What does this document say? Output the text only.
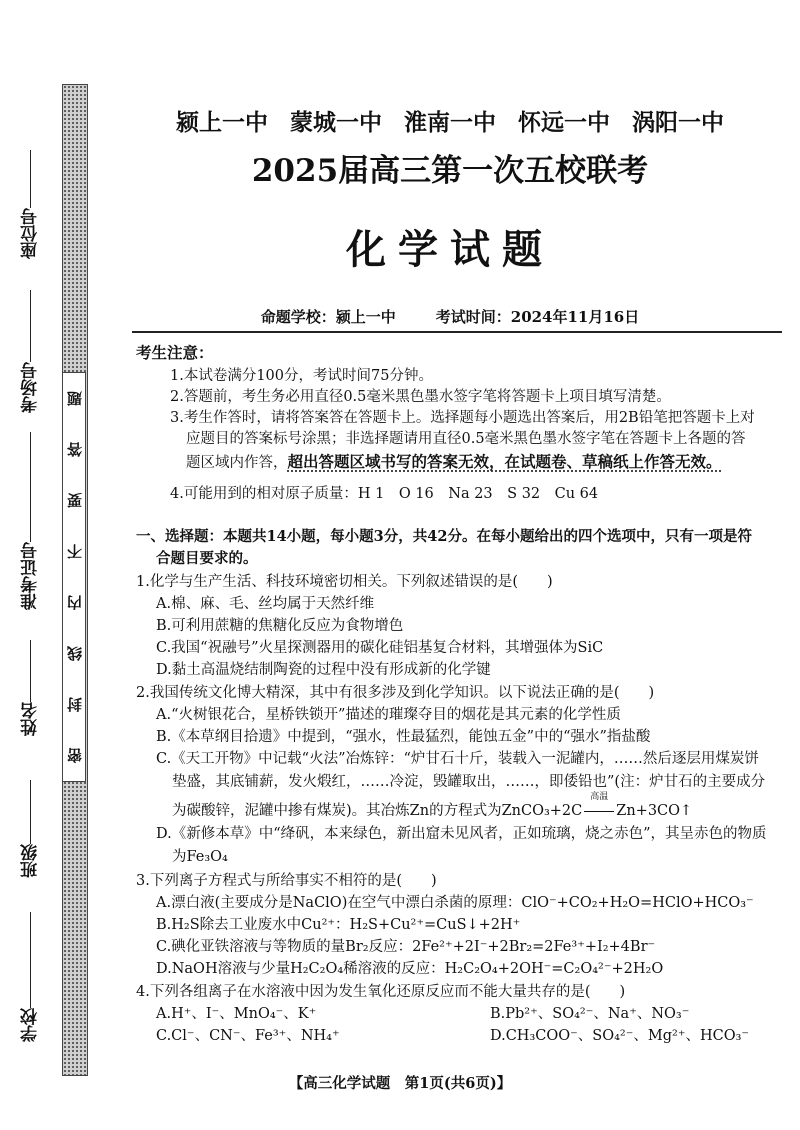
座位号
考场号
准考证号
姓名
班级
学校
题
答
要
不
内
线
封
密
颍上一中 蒙城一中 淮南一中 怀远一中 涡阳一中
2025届高三第一次五校联考
化学试题
命题学校：颍上一中	考试时间：2024年11月16日
考生注意：
1.本试卷满分100分，考试时间75分钟。
2.答题前，考生务必用直径0.5毫米黑色墨水签字笔将答题卡上项目填写清楚。
3.考生作答时，请将答案答在答题卡上。选择题每小题选出答案后，用2B铅笔把答题卡上对
应题目的答案标号涂黑；非选择题请用直径0.5毫米黑色墨水签字笔在答题卡上各题的答
题区域内作答，超出答题区域书写的答案无效，在试题卷、草稿纸上作答无效。
4.可能用到的相对原子质量：H 1　O 16　Na 23　S 32　Cu 64
一、选择题：本题共14小题，每小题3分，共42分。在每小题给出的四个选项中，只有一项是符
合题目要求的。
1.化学与生产生活、科技环境密切相关。下列叙述错误的是(　　)
A.棉、麻、毛、丝均属于天然纤维
B.可利用蔗糖的焦糖化反应为食物增色
C.我国“祝融号”火星探测器用的碳化硅铝基复合材料，其增强体为SiC
D.黏土高温烧结制陶瓷的过程中没有形成新的化学键
2.我国传统文化博大精深，其中有很多涉及到化学知识。以下说法正确的是(　　)
A.“火树银花合，星桥铁锁开”描述的璀璨夺目的烟花是其元素的化学性质
B.《本草纲目拾遗》中提到，“强水，性最猛烈，能蚀五金”中的“强水”指盐酸
C.《天工开物》中记载“火法”冶炼锌：“炉甘石十斤，装载入一泥罐内，……然后逐层用煤炭饼
垫盛，其底铺薪，发火煅红，……冷淀，毁罐取出，……，即倭铅也”(注：炉甘石的主要成分
为碳酸锌，泥罐中掺有煤炭)。其冶炼Zn的方程式为ZnCO₃+2C
高温
Zn+3CO↑
D.《新修本草》中“绛矾，本来绿色，新出窟未见风者，正如琉璃，烧之赤色”，其呈赤色的物质
为Fe₃O₄
3.下列离子方程式与所给事实不相符的是(　　)
A.漂白液(主要成分是NaClO)在空气中漂白杀菌的原理：ClO⁻+CO₂+H₂O=HClO+HCO₃⁻
B.H₂S除去工业废水中Cu²⁺：H₂S+Cu²⁺=CuS↓+2H⁺
C.碘化亚铁溶液与等物质的量Br₂反应：2Fe²⁺+2I⁻+2Br₂=2Fe³⁺+I₂+4Br⁻
D.NaOH溶液与少量H₂C₂O₄稀溶液的反应：H₂C₂O₄+2OH⁻=C₂O₄²⁻+2H₂O
4.下列各组离子在水溶液中因为发生氧化还原反应而不能大量共存的是(　　)
A.H⁺、I⁻、MnO₄⁻、K⁺	B.Pb²⁺、SO₄²⁻、Na⁺、NO₃⁻
C.Cl⁻、CN⁻、Fe³⁺、NH₄⁺	D.CH₃COO⁻、SO₄²⁻、Mg²⁺、HCO₃⁻
【高三化学试题　第1页(共6页)】
